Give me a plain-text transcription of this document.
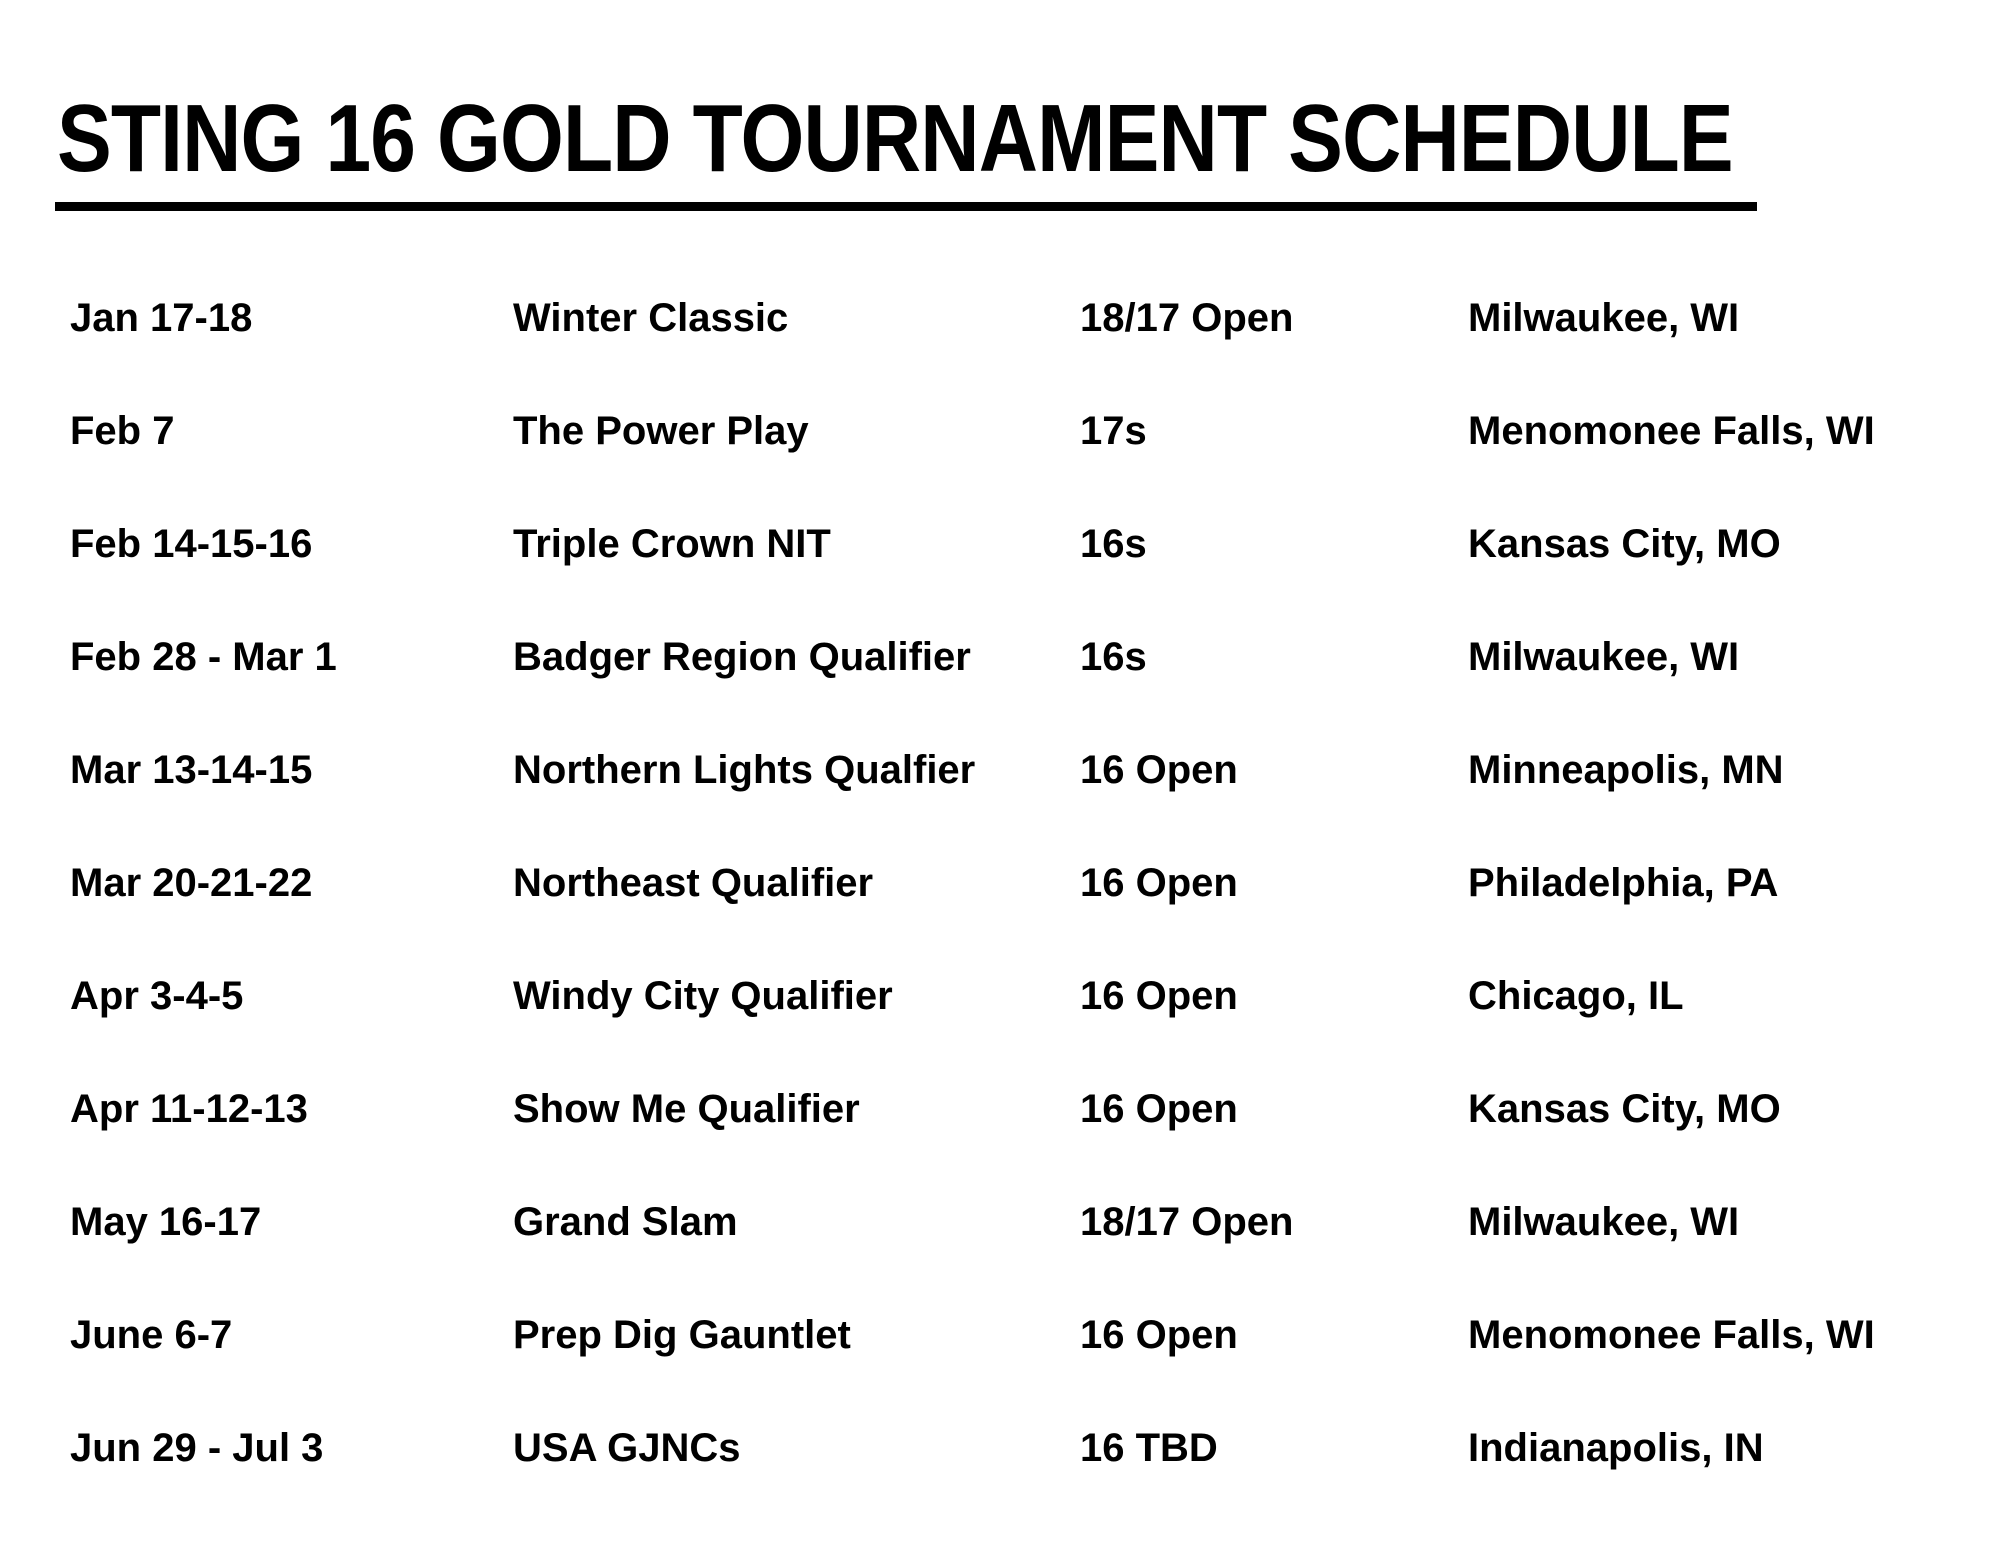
STING 16 GOLD TOURNAMENT SCHEDULE
Jan 17-18	Winter Classic	18/17 Open	Milwaukee, WI
Feb 7	The Power Play	17s	Menomonee Falls, WI
Feb 14-15-16	Triple Crown NIT	16s	Kansas City, MO
Feb 28 - Mar 1	Badger Region Qualifier	16s	Milwaukee, WI
Mar 13-14-15	Northern Lights Qualfier	16 Open	Minneapolis, MN
Mar 20-21-22	Northeast Qualifier	16 Open	Philadelphia, PA
Apr 3-4-5	Windy City Qualifier	16 Open	Chicago, IL
Apr 11-12-13	Show Me Qualifier	16 Open	Kansas City, MO
May 16-17	Grand Slam	18/17 Open	Milwaukee, WI
June 6-7	Prep Dig Gauntlet	16 Open	Menomonee Falls, WI
Jun 29 - Jul 3	USA GJNCs	16 TBD	Indianapolis, IN
